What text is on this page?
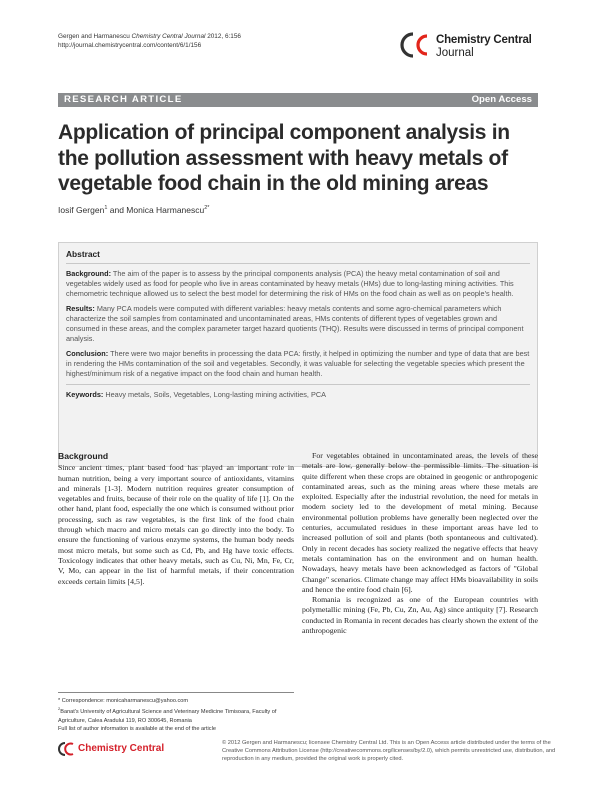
Gergen and Harmanescu Chemistry Central Journal 2012, 6:156
http://journal.chemistrycentral.com/content/6/1/156	Chemistry Central
Journal
RESEARCH ARTICLE	Open Access
Application of principal component analysis in the pollution assessment with heavy metals of vegetable food chain in the old mining areas
Iosif Gergen$^1$ and Monica Harmanescu$^{2*}$
Abstract

Background: The aim of the paper is to assess by the principal components analysis (PCA) the heavy metal contamination of soil and vegetables widely used as food for people who live in areas contaminated by heavy metals (HMs) due to long-lasting mining activities. This chemometric technique allowed us to select the best model for determining the risk of HMs on the food chain as well as on people's health.

Results: Many PCA models were computed with different variables: heavy metals contents and some agro-chemical parameters which characterize the soil samples from contaminated and uncontaminated areas, HMs contents of different types of vegetables grown and consumed in these areas, and the complex parameter target hazard quotients (THQ). Results were discussed in terms of principal component analysis.

Conclusion: There were two major benefits in processing the data PCA: firstly, it helped in optimizing the number and type of data that are best in rendering the HMs contamination of the soil and vegetables. Secondly, it was valuable for selecting the vegetable species which present the highest/minimum risk of a negative impact on the food chain and human health.

Keywords: Heavy metals, Soils, Vegetables, Long-lasting mining activities, PCA

Background

Since ancient times, plant based food has played an important role in human nutrition, being a very important source of antioxidants, vitamins and minerals [1-3]. Modern nutrition requires greater consumption of vegetables and fruits, because of their role on the quality of life [1]. On the other hand, plant food, especially the one which is consumed without prior processing, such as raw vegetables, is the first link of the food chain through which macro and micro metals can go directly into the body. To ensure the functioning of various enzyme systems, the human body needs most micro metals, but some such as Cd, Pb, and Hg have toxic effects. Toxicology indicates that other heavy metals, such as Cu, Ni, Mn, Fe, Cr, V, Mo, can appear in the list of harmful metals, if their concentration exceeds certain limits [4,5].

For vegetables obtained in uncontaminated areas, the levels of these metals are low, generally below the permissible limits. The situation is quite different when these crops are obtained in geogenic or anthropogenic contaminated areas, such as the mining areas where these metals are exploited. Especially after the industrial revolution, the need for metals in modern society led to the development of metal mining. Because environmental pollution problems have generally been neglected over the centuries, accumulated residues in these important areas have led to increased pollution of soil and plants (both spontaneous and cultivated). Only in recent decades has society realized the negative effects that heavy metals contamination has on the environment and on human health. Nowadays, heavy metals have been acknowledged as factors of "Global Change" scenarios. Climate change may affect HMs bioavailability in soils and hence the entire food chain [6].

Romania is recognized as one of the European countries with polymetallic mining (Fe, Pb, Cu, Zn, Au, Ag) since antiquity [7]. Research conducted in Romania in recent decades has clearly shown the extent of the anthropogenic

* Correspondence: monicaharmanescu@yahoo.com
$^2$Banat's University of Agricultural Science and Veterinary Medicine Timisoara, Faculty of Agriculture, Calea Aradului 119, RO 300645, Romania
Full list of author information is available at the end of the article
Chemistry Central	© 2012 Gergen and Harmanescu; licensee Chemistry Central Ltd. This is an Open Access article distributed under the terms of the Creative Commons Attribution License (http://creativecommons.org/licenses/by/2.0), which permits unrestricted use, distribution, and reproduction in any medium, provided the original work is properly cited.
